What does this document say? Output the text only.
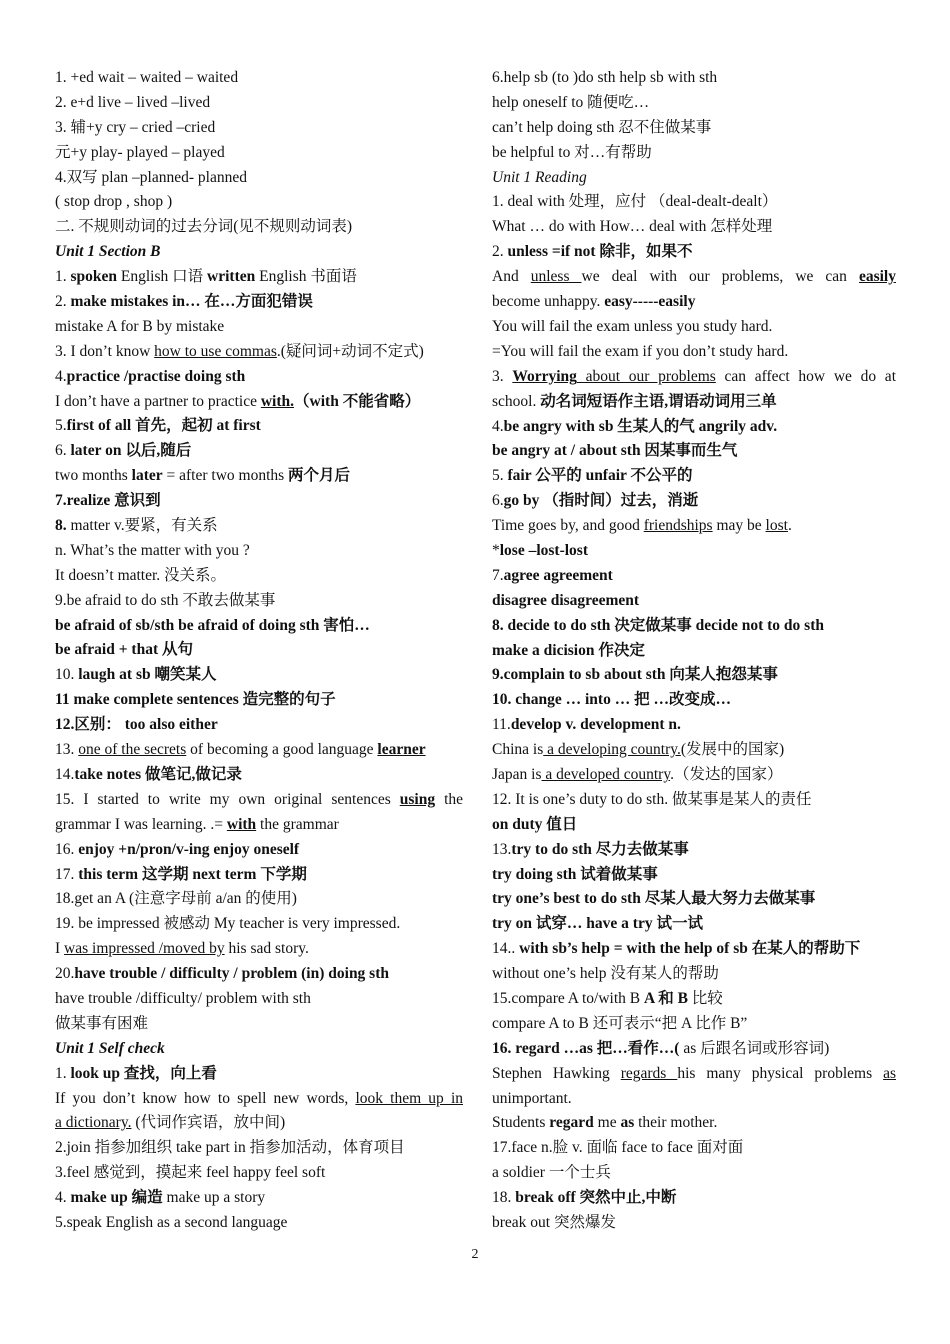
1. +ed wait – waited – waited
2. e+d live – lived –lived
3. 辅+y cry – cried –cried
元+y play- played – played
4.双写 plan –planned- planned
( stop drop , shop )
二. 不规则动词的过去分词(见不规则动词表)
Unit 1 Section B
1. spoken English 口语 written English 书面语
2. make mistakes in… 在…方面犯错误
mistake A for B by mistake
3. I don’t know how to use commas.(疑问词+动词不定式)
4.practice /practise doing sth
I don’t have a partner to practice with.（with 不能省略）
5.first of all 首先，起初 at first
6. later on 以后,随后
two months later = after two months 两个月后
7.realize 意识到
8. matter v.要紧，有关系
n. What’s the matter with you ?
It doesn’t matter. 没关系。
9.be afraid to do sth 不敢去做某事
be afraid of sb/sth be afraid of doing sth 害怕…
be afraid + that 从句
10. laugh at sb 嘲笑某人
11 make complete sentences 造完整的句子
12.区别： too also either
13. one of the secrets of becoming a good language learner
14.take notes 做笔记,做记录
15. I started to write my own original sentences using the
grammar I was learning. .= with the grammar
16. enjoy +n/pron/v-ing enjoy oneself
17. this term 这学期 next term 下学期
18.get an A (注意字母前 a/an 的使用)
19. be impressed 被感动 My teacher is very impressed.
I was impressed /moved by his sad story.
20.have trouble / difficulty / problem (in) doing sth
have trouble /difficulty/ problem with sth
做某事有困难
Unit 1 Self check
1. look up 查找，向上看
If you don’t know how to spell new words, look them up in
a dictionary. (代词作宾语，放中间)
2.join 指参加组织 take part in 指参加活动，体育项目
3.feel 感觉到，摸起来 feel happy feel soft
4. make up 编造 make up a story
5.speak English as a second language
6.help sb (to )do sth help sb with sth
help oneself to 随便吃…
can’t help doing sth 忍不住做某事
be helpful to 对…有帮助
Unit 1 Reading
1. deal with 处理，应付 （deal-dealt-dealt）
What … do with How… deal with 怎样处理
2. unless =if not 除非，如果不
And unless we deal with our problems, we can easily
become unhappy. easy-----easily
You will fail the exam unless you study hard.
=You will fail the exam if you don’t study hard.
3. Worrying about our problems can affect how we do at
school. 动名词短语作主语,谓语动词用三单
4.be angry with sb 生某人的气 angrily adv.
be angry at / about sth 因某事而生气
5. fair 公平的 unfair 不公平的
6.go by （指时间）过去，消逝
Time goes by, and good friendships may be lost.
*lose –lost-lost
7.agree agreement
disagree disagreement
8. decide to do sth 决定做某事 decide not to do sth
make a dicision 作决定
9.complain to sb about sth 向某人抱怨某事
10. change … into … 把 …改变成…
11.develop v. development n.
China is a developing country.(发展中的国家)
Japan is a developed country.（发达的国家）
12. It is one’s duty to do sth. 做某事是某人的责任
on duty 值日
13.try to do sth 尽力去做某事
try doing sth 试着做某事
try one’s best to do sth 尽某人最大努力去做某事
try on 试穿… have a try 试一试
14.. with sb’s help = with the help of sb 在某人的帮助下
without one’s help 没有某人的帮助
15.compare A to/with B A 和 B 比较
compare A to B 还可表示“把 A 比作 B”
16. regard …as 把…看作…( as 后跟名词或形容词)
Stephen Hawking regards his many physical problems as
unimportant.
Students regard me as their mother.
17.face n.脸 v. 面临 face to face 面对面
a soldier 一个士兵
18. break off 突然中止,中断
break out 突然爆发
2
